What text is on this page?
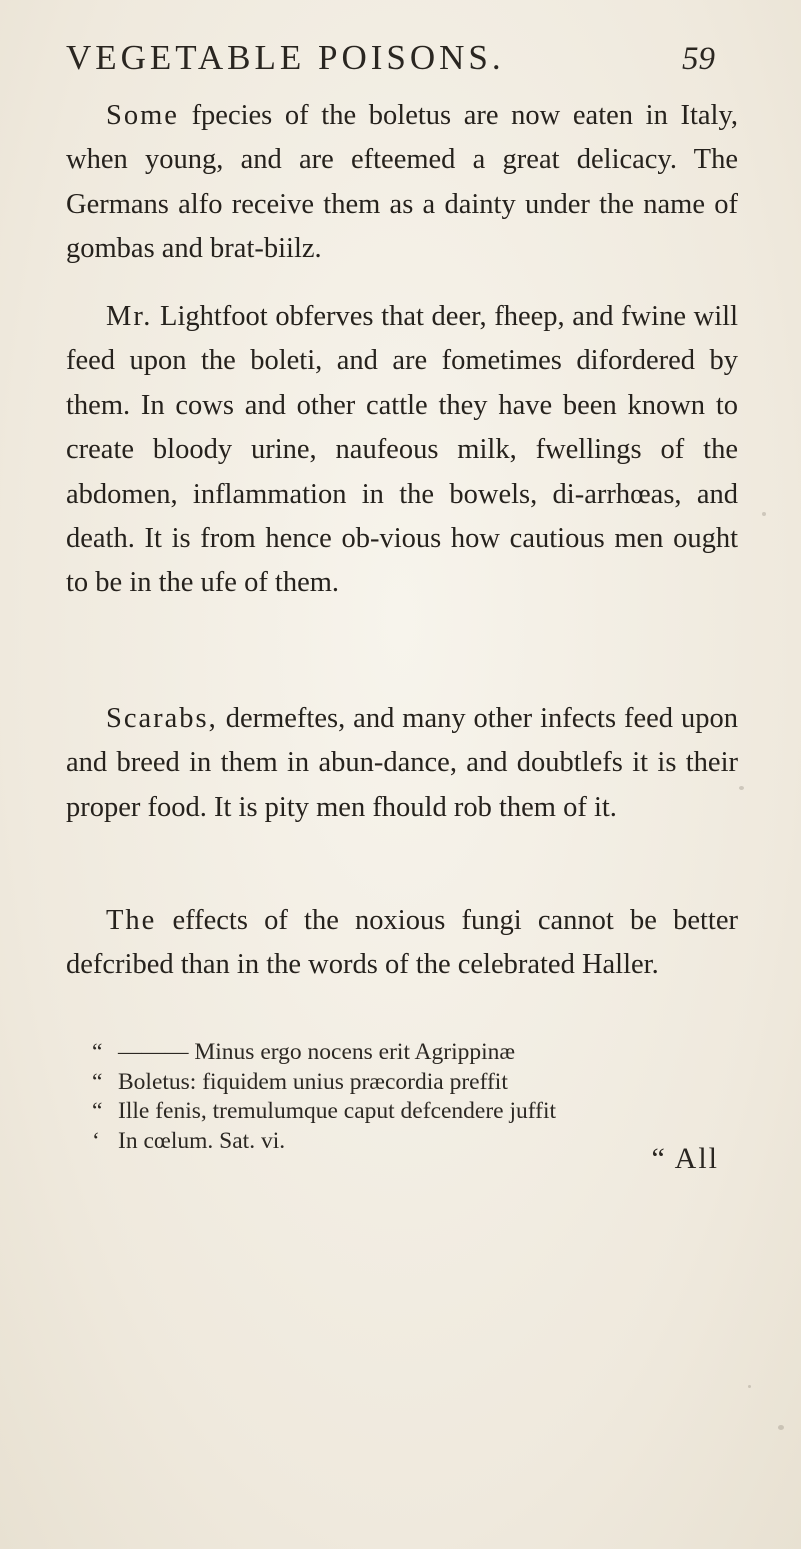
VEGETABLE POISONS.	59

Some fpecies of the boletus are now eaten in Italy, when young, and are efteemed a great delicacy. The Germans alfo receive them as a dainty under the name of gombas and brat-biilz.

Mr. Lightfoot obferves that deer, fheep, and fwine will feed upon the boleti, and are fometimes difordered by them. In cows and other cattle they have been known to create bloody urine, naufeous milk, fwellings of the abdomen, inflammation in the bowels, di-arrhœas, and death. It is from hence ob-vious how cautious men ought to be in the ufe of them.

Scarabs, dermeftes, and many other infects feed upon and breed in them in abun-dance, and doubtlefs it is their proper food. It is pity men fhould rob them of it.

The effects of the noxious fungi cannot be better defcribed than in the words of the celebrated Haller.

“ ——— Minus ergo nocens erit Agrippinæ
“ Boletus: fiquidem unius præcordia preffit
“ Ille fenis, tremulumque caput defcendere juffit
‘ In cœlum. Sat. vi.
“ All
